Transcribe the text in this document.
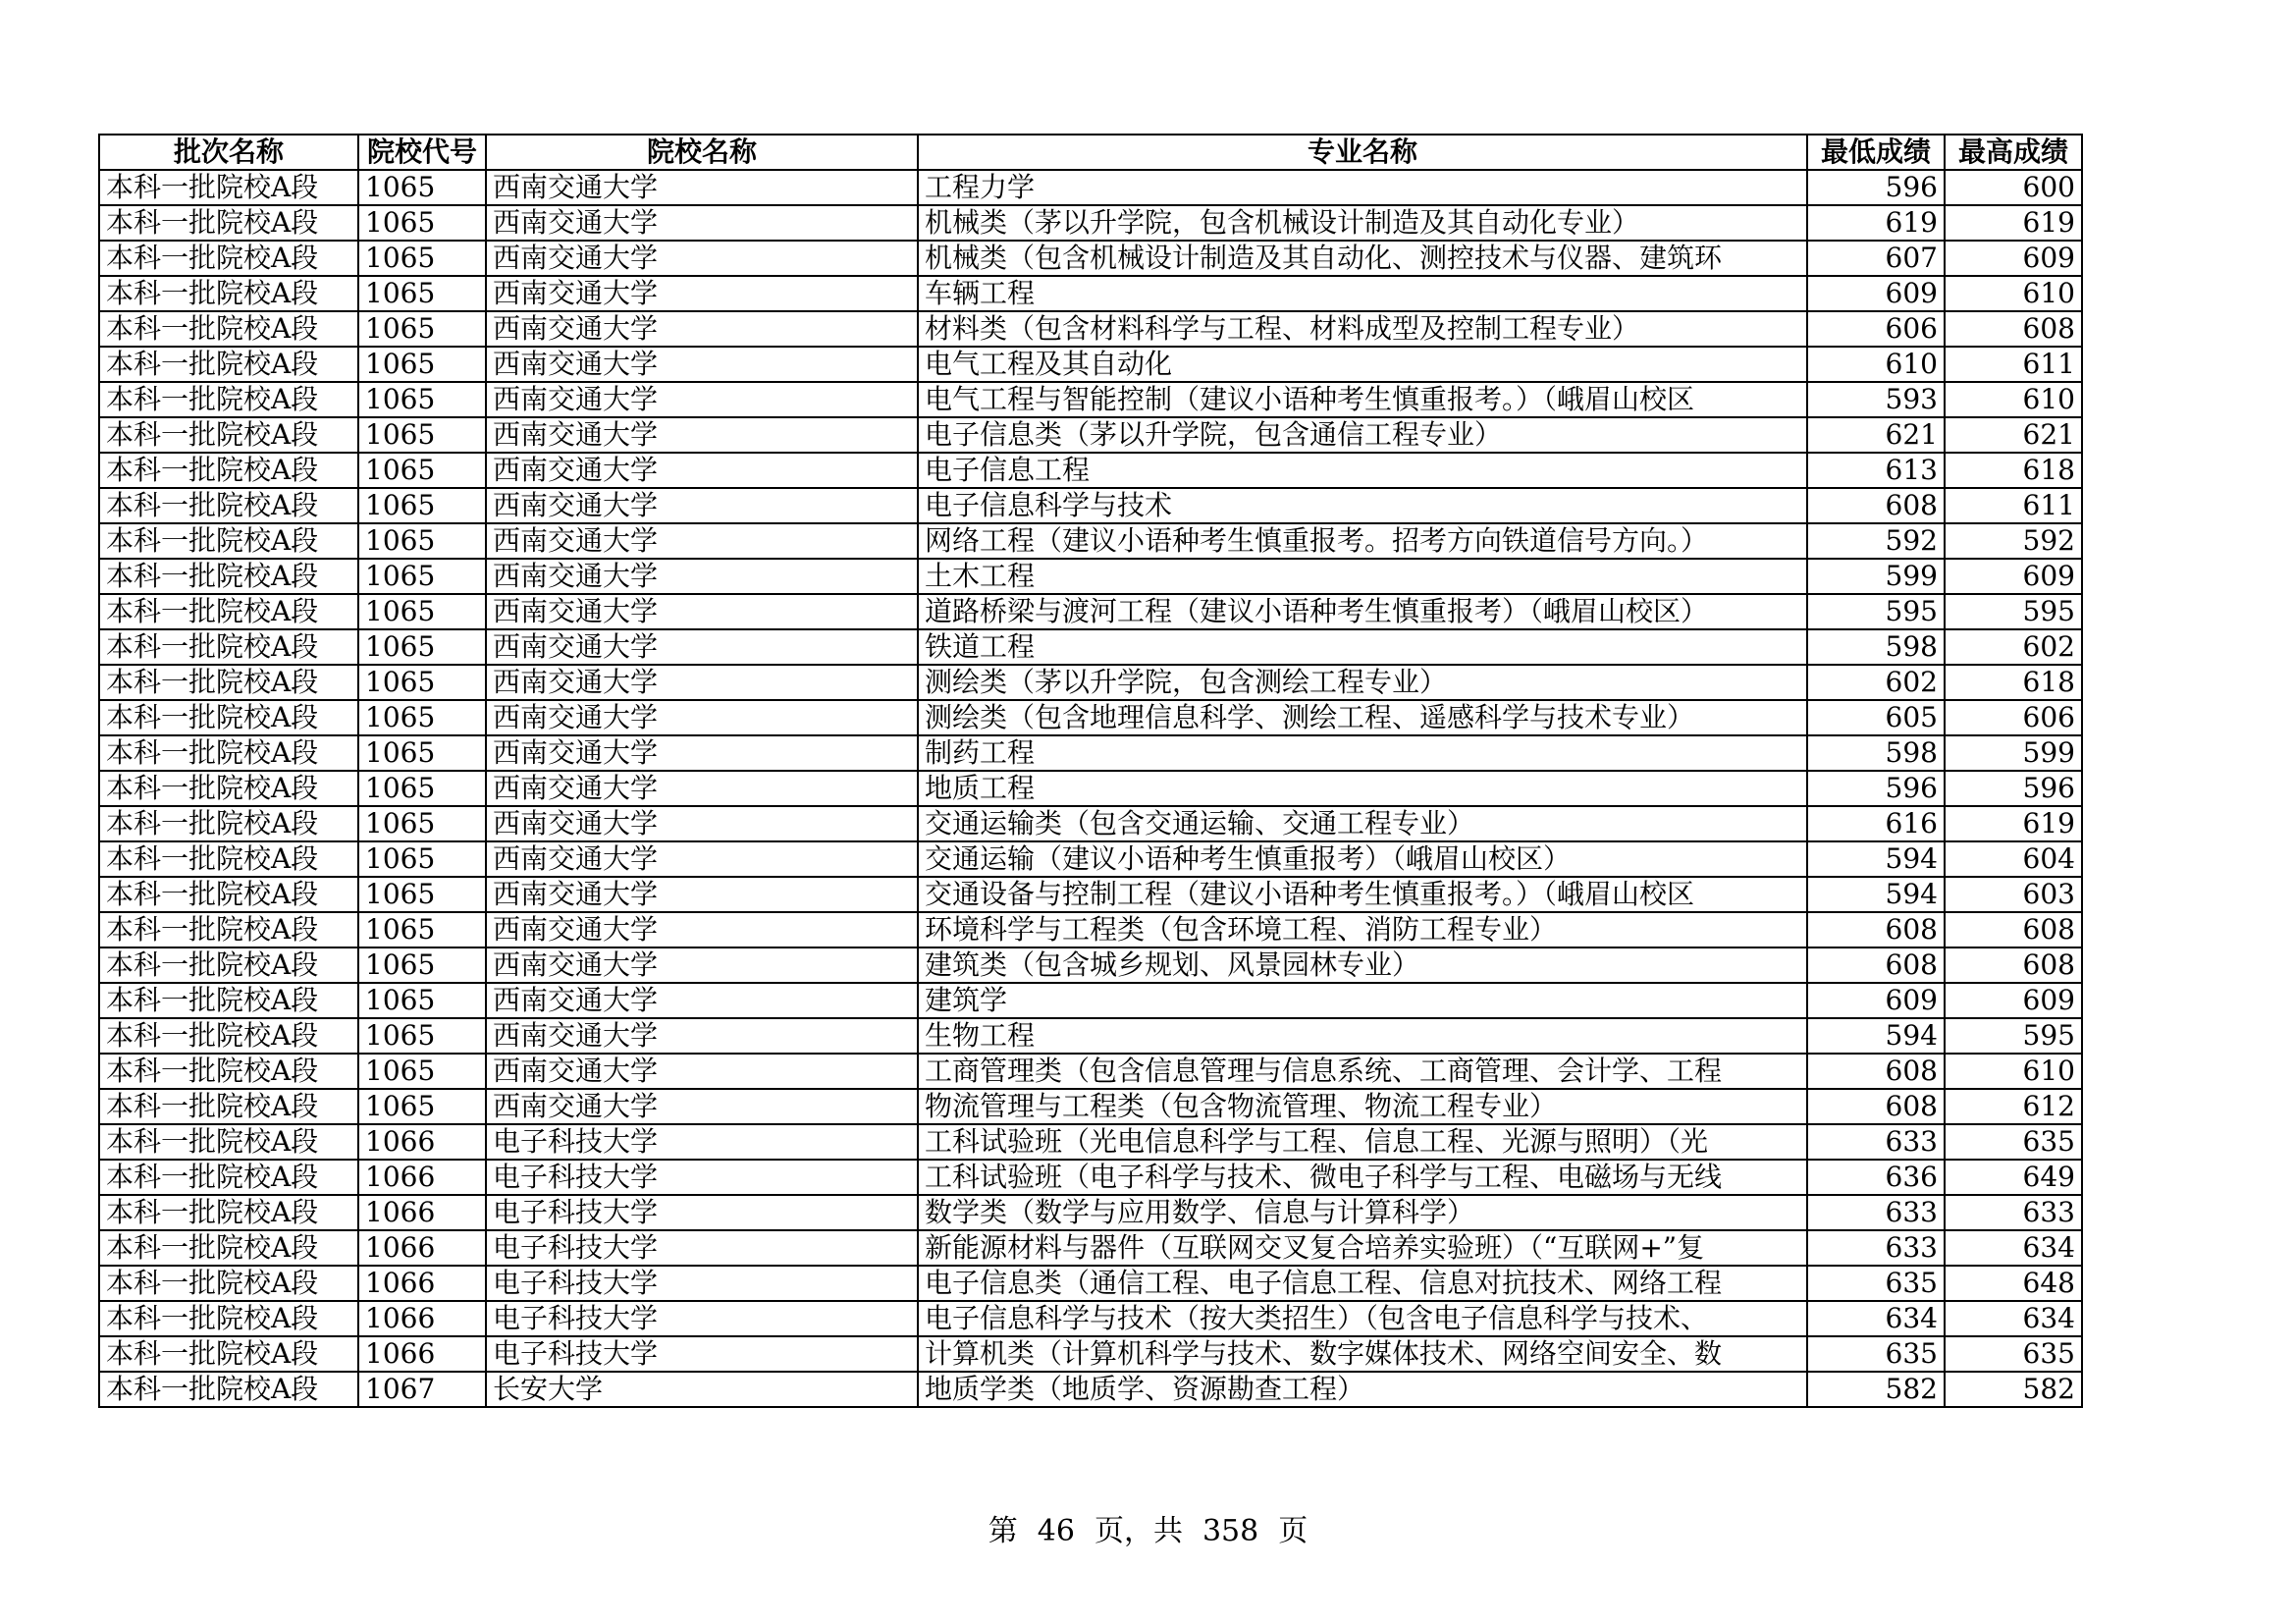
批次名称	院校代号	院校名称	专业名称	最低成绩	最高成绩
本科一批院校A段	1065	西南交通大学	工程力学	596	600
本科一批院校A段	1065	西南交通大学	机械类（茅以升学院，包含机械设计制造及其自动化专业）	619	619
本科一批院校A段	1065	西南交通大学	机械类（包含机械设计制造及其自动化、测控技术与仪器、建筑环	607	609
本科一批院校A段	1065	西南交通大学	车辆工程	609	610
本科一批院校A段	1065	西南交通大学	材料类（包含材料科学与工程、材料成型及控制工程专业）	606	608
本科一批院校A段	1065	西南交通大学	电气工程及其自动化	610	611
本科一批院校A段	1065	西南交通大学	电气工程与智能控制（建议小语种考生慎重报考。）（峨眉山校区	593	610
本科一批院校A段	1065	西南交通大学	电子信息类（茅以升学院，包含通信工程专业）	621	621
本科一批院校A段	1065	西南交通大学	电子信息工程	613	618
本科一批院校A段	1065	西南交通大学	电子信息科学与技术	608	611
本科一批院校A段	1065	西南交通大学	网络工程（建议小语种考生慎重报考。招考方向铁道信号方向。）	592	592
本科一批院校A段	1065	西南交通大学	土木工程	599	609
本科一批院校A段	1065	西南交通大学	道路桥梁与渡河工程（建议小语种考生慎重报考）（峨眉山校区）	595	595
本科一批院校A段	1065	西南交通大学	铁道工程	598	602
本科一批院校A段	1065	西南交通大学	测绘类（茅以升学院，包含测绘工程专业）	602	618
本科一批院校A段	1065	西南交通大学	测绘类（包含地理信息科学、测绘工程、遥感科学与技术专业）	605	606
本科一批院校A段	1065	西南交通大学	制药工程	598	599
本科一批院校A段	1065	西南交通大学	地质工程	596	596
本科一批院校A段	1065	西南交通大学	交通运输类（包含交通运输、交通工程专业）	616	619
本科一批院校A段	1065	西南交通大学	交通运输（建议小语种考生慎重报考）（峨眉山校区）	594	604
本科一批院校A段	1065	西南交通大学	交通设备与控制工程（建议小语种考生慎重报考。）（峨眉山校区	594	603
本科一批院校A段	1065	西南交通大学	环境科学与工程类（包含环境工程、消防工程专业）	608	608
本科一批院校A段	1065	西南交通大学	建筑类（包含城乡规划、风景园林专业）	608	608
本科一批院校A段	1065	西南交通大学	建筑学	609	609
本科一批院校A段	1065	西南交通大学	生物工程	594	595
本科一批院校A段	1065	西南交通大学	工商管理类（包含信息管理与信息系统、工商管理、会计学、工程	608	610
本科一批院校A段	1065	西南交通大学	物流管理与工程类（包含物流管理、物流工程专业）	608	612
本科一批院校A段	1066	电子科技大学	工科试验班（光电信息科学与工程、信息工程、光源与照明）（光	633	635
本科一批院校A段	1066	电子科技大学	工科试验班（电子科学与技术、微电子科学与工程、电磁场与无线	636	649
本科一批院校A段	1066	电子科技大学	数学类（数学与应用数学、信息与计算科学）	633	633
本科一批院校A段	1066	电子科技大学	新能源材料与器件（互联网交叉复合培养实验班）（“互联网+”复	633	634
本科一批院校A段	1066	电子科技大学	电子信息类（通信工程、电子信息工程、信息对抗技术、网络工程	635	648
本科一批院校A段	1066	电子科技大学	电子信息科学与技术（按大类招生）（包含电子信息科学与技术、	634	634
本科一批院校A段	1066	电子科技大学	计算机类（计算机科学与技术、数字媒体技术、网络空间安全、数	635	635
本科一批院校A段	1067	长安大学	地质学类（地质学、资源勘查工程）	582	582
第 46 页，共 358 页
